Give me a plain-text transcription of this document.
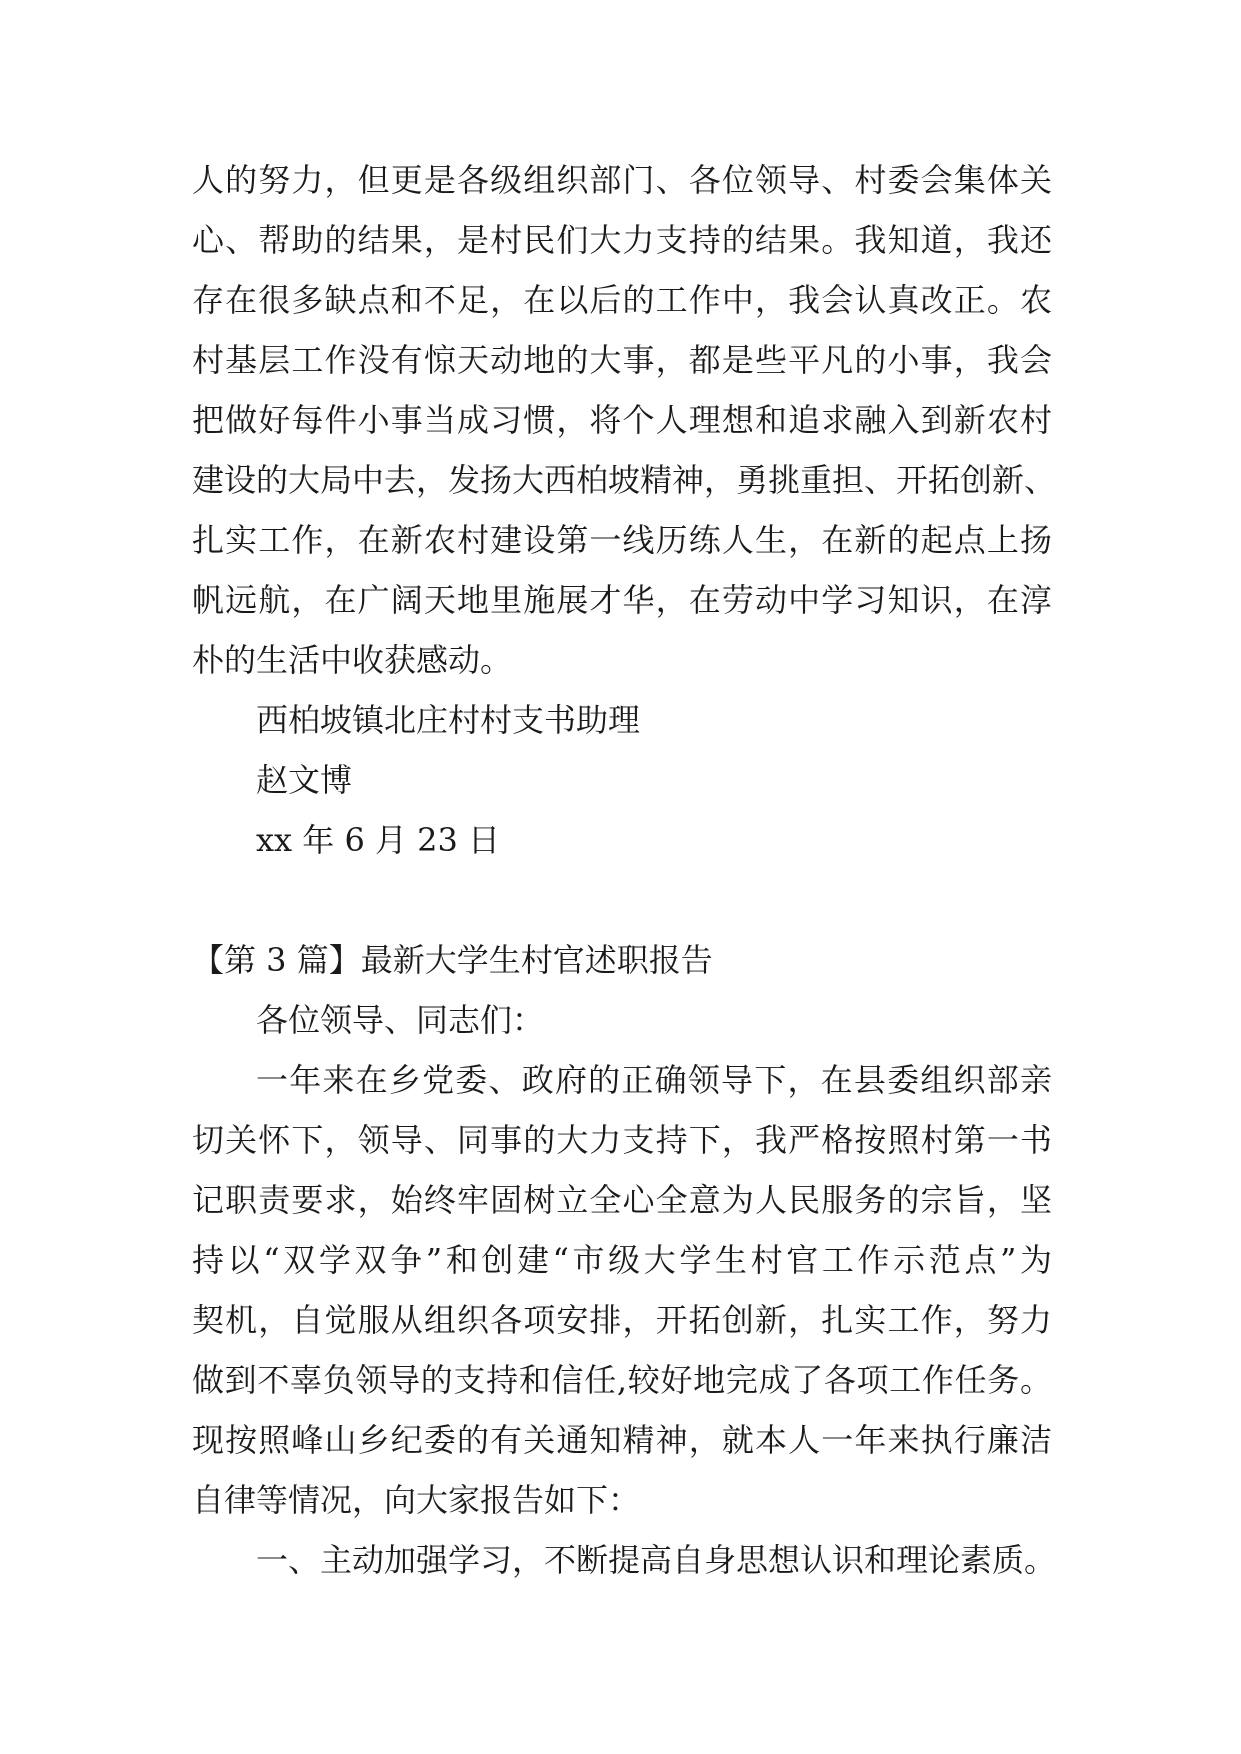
人的努力，但更是各级组织部门、各位领导、村委会集体关
心、帮助的结果，是村民们大力支持的结果。我知道，我还
存在很多缺点和不足，在以后的工作中，我会认真改正。农
村基层工作没有惊天动地的大事，都是些平凡的小事，我会
把做好每件小事当成习惯，将个人理想和追求融入到新农村
建设的大局中去，发扬大西柏坡精神，勇挑重担、开拓创新、
扎实工作，在新农村建设第一线历练人生，在新的起点上扬
帆远航，在广阔天地里施展才华，在劳动中学习知识，在淳
朴的生活中收获感动。
西柏坡镇北庄村村支书助理
赵文博
xx 年 6 月 23 日
【第 3 篇】最新大学生村官述职报告
各位领导、同志们：
一年来在乡党委、政府的正确领导下，在县委组织部亲
切关怀下，领导、同事的大力支持下，我严格按照村第一书
记职责要求，始终牢固树立全心全意为人民服务的宗旨，坚
持以“双学双争”和创建“市级大学生村官工作示范点”为
契机，自觉服从组织各项安排，开拓创新，扎实工作，努力
做到不辜负领导的支持和信任,较好地完成了各项工作任务。
现按照峰山乡纪委的有关通知精神，就本人一年来执行廉洁
自律等情况，向大家报告如下：
一、主动加强学习，不断提高自身思想认识和理论素质。
